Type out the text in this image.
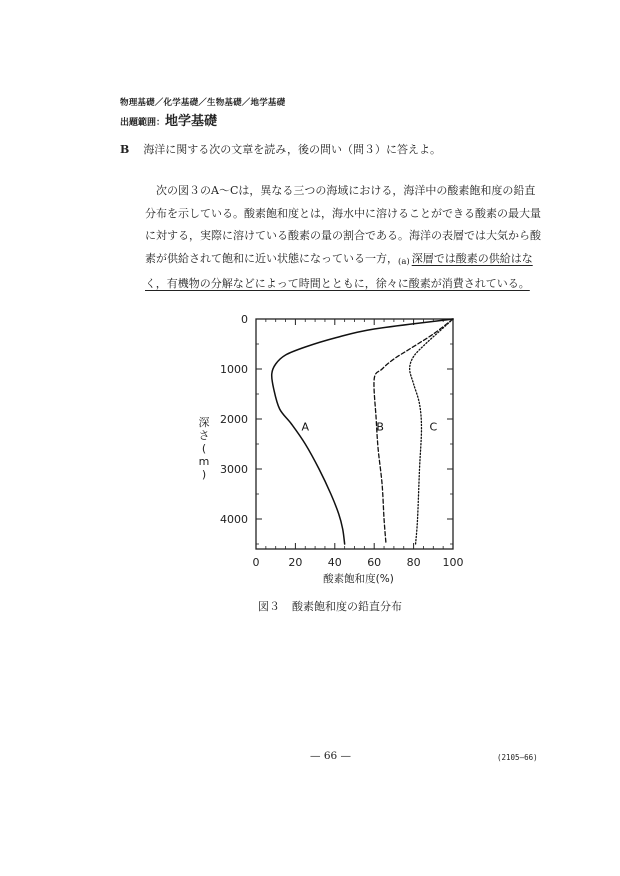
物理基礎／化学基礎／生物基礎／地学基礎
出題範囲：地学基礎
B 海洋に関する次の文章を読み，後の問い（問３）に答えよ。
次の図３のA～Cは，異なる三つの海域における，海洋中の酸素飽和度の鉛直
分布を示している。酸素飽和度とは，海水中に溶けることができる酸素の最大量
に対する，実際に溶けている酸素の量の割合である。海洋の表層では大気から酸
素が供給されて飽和に近い状態になっている一方，(a) 深層では酸素の供給はな
く，有機物の分解などによって時間とともに，徐々に酸素が消費されている。
0	20 40 60 80 100
0
1000
2000
3000
4000
A	B	C
酸素飽和度(%)
深さ( m )
図３ 酸素飽和度の鉛直分布
— 66 —	(2105—66)
